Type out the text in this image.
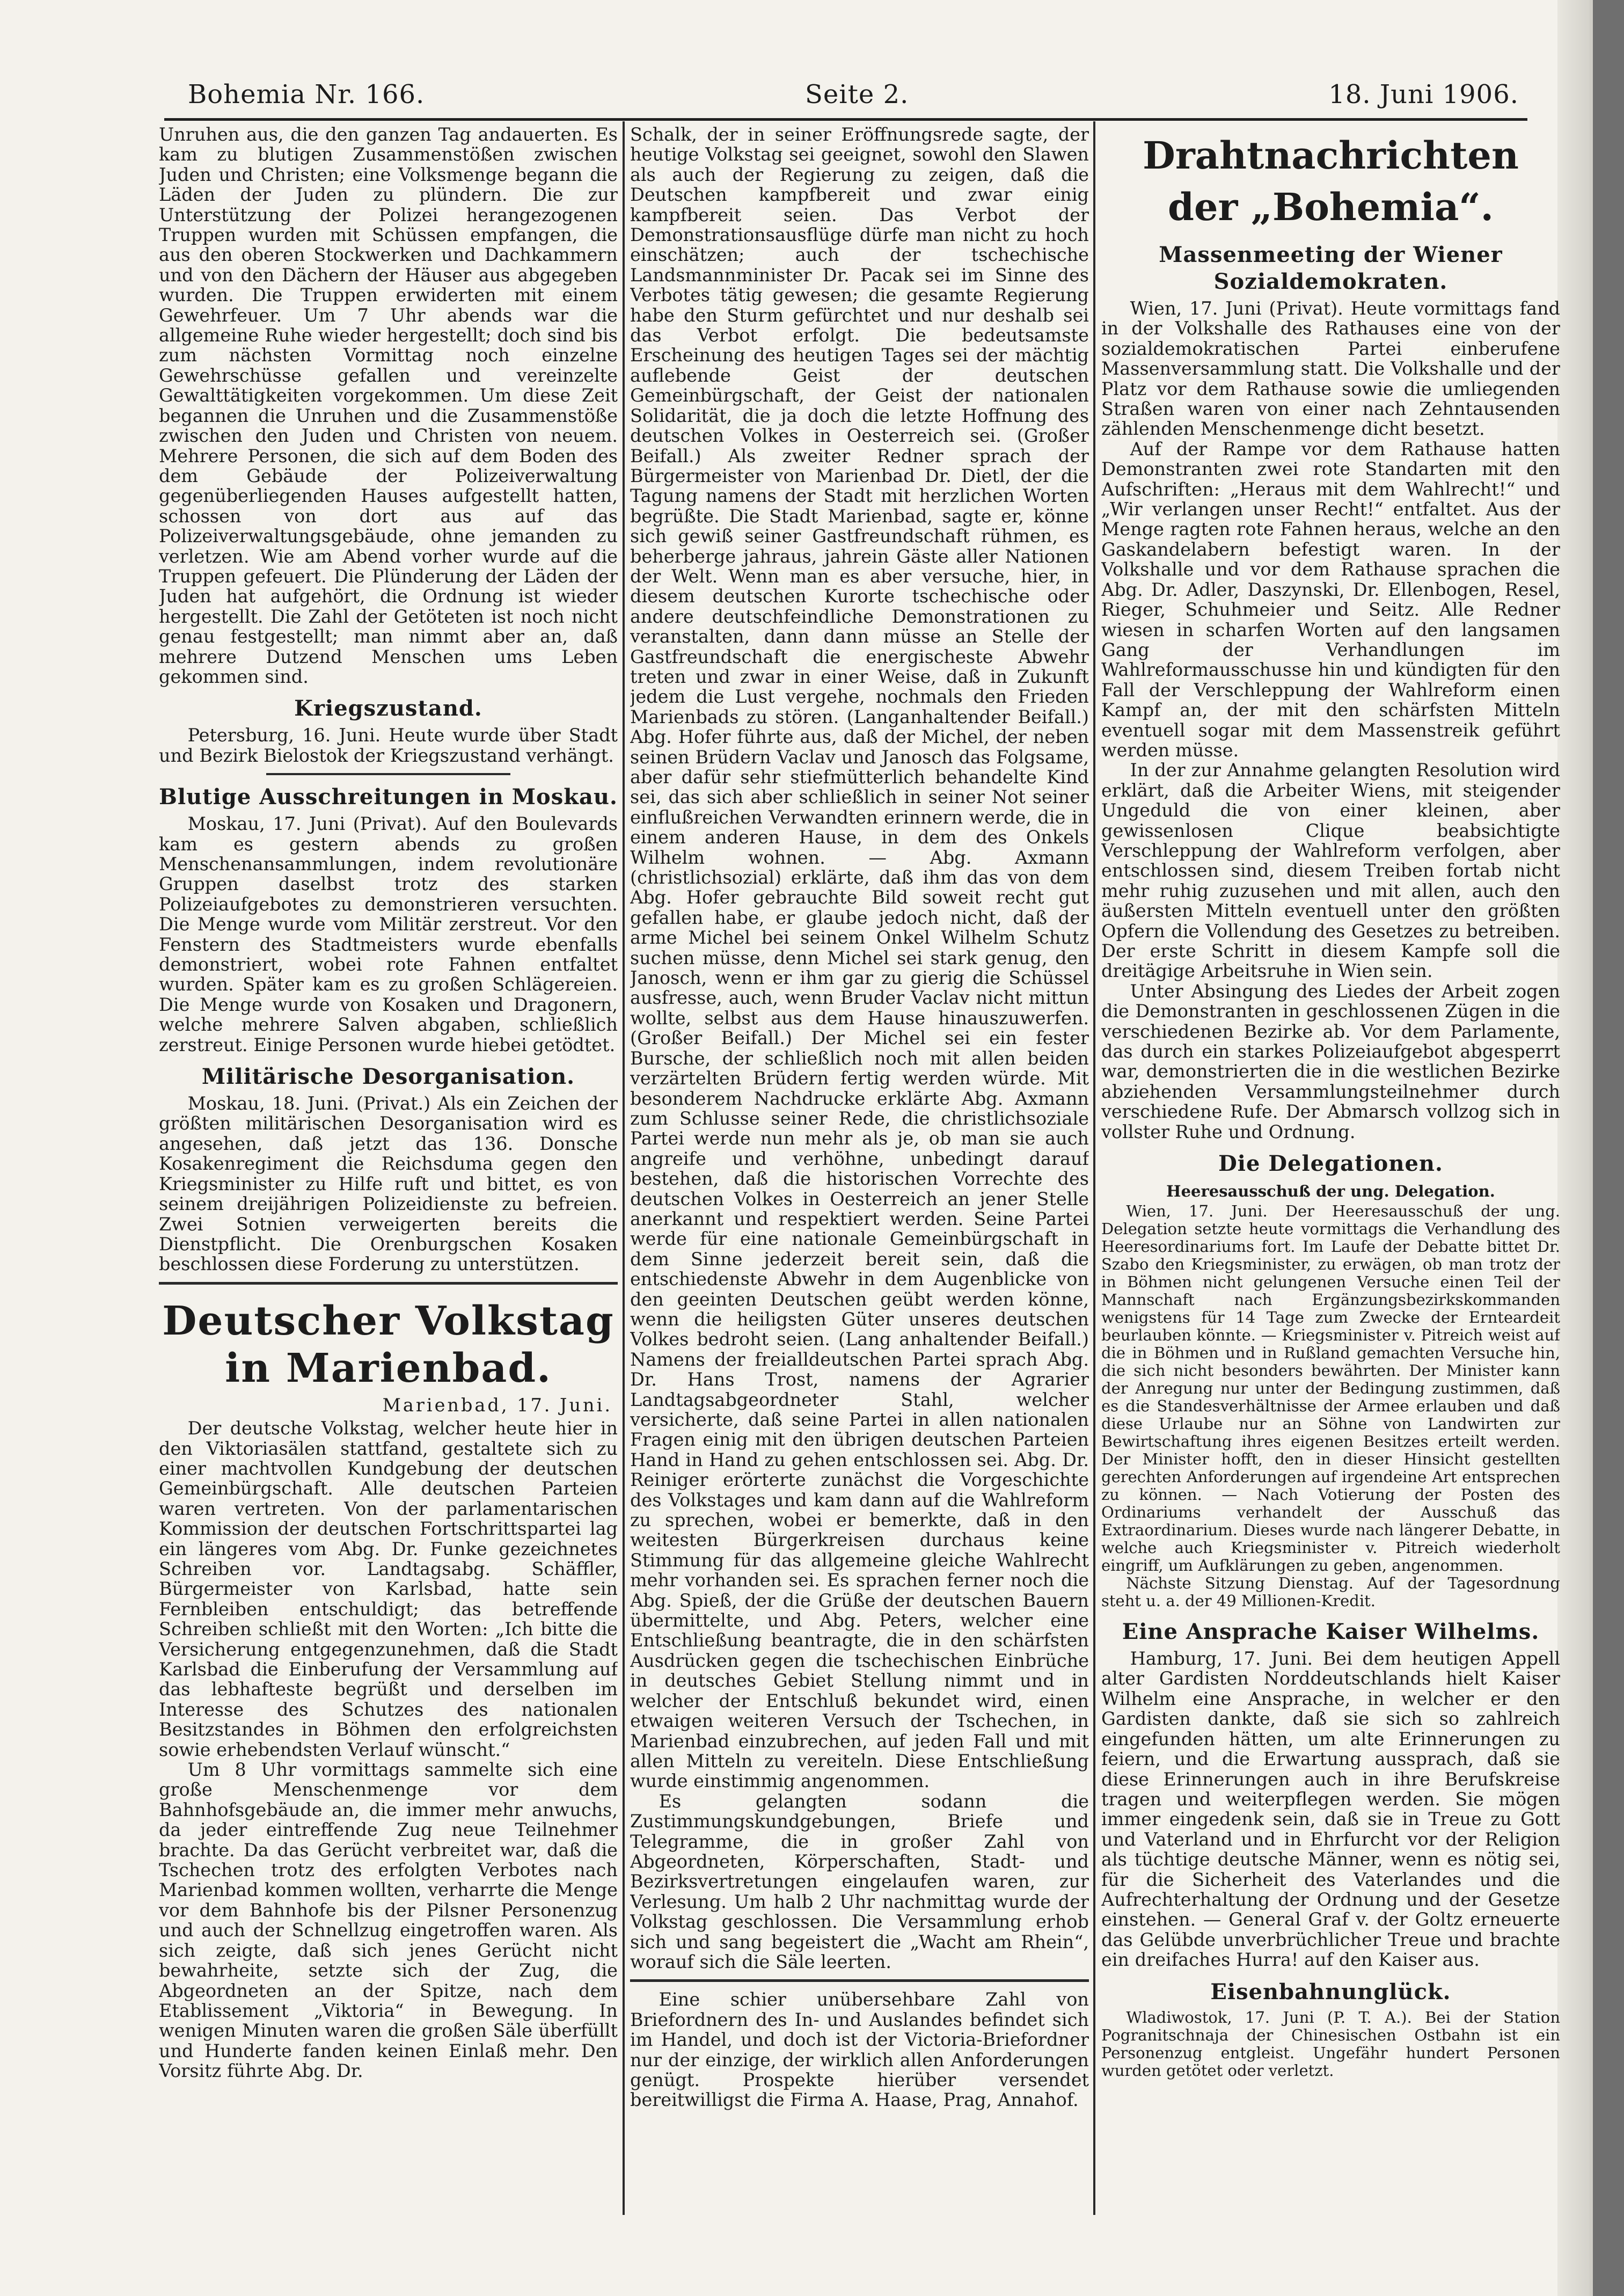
Bohemia Nr. 166.	Seite 2.	18. Juni 1906.

Unruhen aus, die den ganzen Tag andauerten. Es kam zu blutigen Zusammenstößen zwischen Juden und Christen; eine Volksmenge begann die Läden der Juden zu plündern. Die zur Unterstützung der Polizei herangezogenen Truppen wurden mit Schüssen empfangen, die aus den oberen Stockwerken und Dachkammern und von den Dächern der Häuser aus abgegeben wurden. Die Truppen erwiderten mit einem Gewehrfeuer. Um 7 Uhr abends war die allgemeine Ruhe wieder hergestellt; doch sind bis zum nächsten Vormittag noch einzelne Gewehrschüsse gefallen und vereinzelte Gewalttätigkeiten vorgekommen. Um diese Zeit begannen die Unruhen und die Zusammenstöße zwischen den Juden und Christen von neuem. Mehrere Personen, die sich auf dem Boden des dem Gebäude der Polizeiverwaltung gegenüberliegenden Hauses aufgestellt hatten, schossen von dort aus auf das Polizeiverwaltungsgebäude, ohne jemanden zu verletzen. Wie am Abend vorher wurde auf die Truppen gefeuert. Die Plünderung der Läden der Juden hat aufgehört, die Ordnung ist wieder hergestellt. Die Zahl der Getöteten ist noch nicht genau festgestellt; man nimmt aber an, daß mehrere Dutzend Menschen ums Leben gekommen sind.

Kriegszustand.

Petersburg, 16. Juni. Heute wurde über Stadt und Bezirk Bielostok der Kriegszustand verhängt.

Blutige Ausschreitungen in Moskau.

Moskau, 17. Juni (Privat). Auf den Boulevards kam es gestern abends zu großen Menschenansammlungen, indem revolutionäre Gruppen daselbst trotz des starken Polizeiaufgebotes zu demonstrieren versuchten. Die Menge wurde vom Militär zerstreut. Vor den Fenstern des Stadtmeisters wurde ebenfalls demonstriert, wobei rote Fahnen entfaltet wurden. Später kam es zu großen Schlägereien. Die Menge wurde von Kosaken und Dragonern, welche mehrere Salven abgaben, schließlich zerstreut. Einige Personen wurde hiebei getödtet.

Militärische Desorganisation.

Moskau, 18. Juni. (Privat.) Als ein Zeichen der größten militärischen Desorganisation wird es angesehen, daß jetzt das 136. Donsche Kosakenregiment die Reichsduma gegen den Kriegsminister zu Hilfe ruft und bittet, es von seinem dreijährigen Polizeidienste zu befreien. Zwei Sotnien verweigerten bereits die Dienstpflicht. Die Orenburgschen Kosaken beschlossen diese Forderung zu unterstützen.

Deutscher Volkstag in Marienbad.
Marienbad, 17. Juni.

Der deutsche Volkstag, welcher heute hier in den Viktoriasälen stattfand, gestaltete sich zu einer machtvollen Kundgebung der deutschen Gemeinbürgschaft. Alle deutschen Parteien waren vertreten. Von der parlamentarischen Kommission der deutschen Fortschrittspartei lag ein längeres vom Abg. Dr. Funke gezeichnetes Schreiben vor. Landtagsabg. Schäffler, Bürgermeister von Karlsbad, hatte sein Fernbleiben entschuldigt; das betreffende Schreiben schließt mit den Worten: „Ich bitte die Versicherung entgegenzunehmen, daß die Stadt Karlsbad die Einberufung der Versammlung auf das lebhafteste begrüßt und derselben im Interesse des Schutzes des nationalen Besitzstandes in Böhmen den erfolgreichsten sowie erhebendsten Verlauf wünscht.“

Um 8 Uhr vormittags sammelte sich eine große Menschenmenge vor dem Bahnhofsgebäude an, die immer mehr anwuchs, da jeder eintreffende Zug neue Teilnehmer brachte. Da das Gerücht verbreitet war, daß die Tschechen trotz des erfolgten Verbotes nach Marienbad kommen wollten, verharrte die Menge vor dem Bahnhofe bis der Pilsner Personenzug und auch der Schnellzug eingetroffen waren. Als sich zeigte, daß sich jenes Gerücht nicht bewahrheite, setzte sich der Zug, die Abgeordneten an der Spitze, nach dem Etablissement „Viktoria“ in Bewegung. In wenigen Minuten waren die großen Säle überfüllt und Hunderte fanden keinen Einlaß mehr. Den Vorsitz führte Abg. Dr.

Schalk, der in seiner Eröffnungsrede sagte, der heutige Volkstag sei geeignet, sowohl den Slawen als auch der Regierung zu zeigen, daß die Deutschen kampfbereit und zwar einig kampfbereit seien. Das Verbot der Demonstrationsausflüge dürfe man nicht zu hoch einschätzen; auch der tschechische Landsmannminister Dr. Pacak sei im Sinne des Verbotes tätig gewesen; die gesamte Regierung habe den Sturm gefürchtet und nur deshalb sei das Verbot erfolgt. Die bedeutsamste Erscheinung des heutigen Tages sei der mächtig auflebende Geist der deutschen Gemeinbürgschaft, der Geist der nationalen Solidarität, die ja doch die letzte Hoffnung des deutschen Volkes in Oesterreich sei. (Großer Beifall.) Als zweiter Redner sprach der Bürgermeister von Marienbad Dr. Dietl, der die Tagung namens der Stadt mit herzlichen Worten begrüßte. Die Stadt Marienbad, sagte er, könne sich gewiß seiner Gastfreundschaft rühmen, es beherberge jahraus, jahrein Gäste aller Nationen der Welt. Wenn man es aber versuche, hier, in diesem deutschen Kurorte tschechische oder andere deutschfeindliche Demonstrationen zu veranstalten, dann dann müsse an Stelle der Gastfreundschaft die energischeste Abwehr treten und zwar in einer Weise, daß in Zukunft jedem die Lust vergehe, nochmals den Frieden Marienbads zu stören. (Langanhaltender Beifall.) Abg. Hofer führte aus, daß der Michel, der neben seinen Brüdern Vaclav und Janosch das Folgsame, aber dafür sehr stiefmütterlich behandelte Kind sei, das sich aber schließlich in seiner Not seiner einflußreichen Verwandten erinnern werde, die in einem anderen Hause, in dem des Onkels Wilhelm wohnen. — Abg. Axmann (christlichsozial) erklärte, daß ihm das von dem Abg. Hofer gebrauchte Bild soweit recht gut gefallen habe, er glaube jedoch nicht, daß der arme Michel bei seinem Onkel Wilhelm Schutz suchen müsse, denn Michel sei stark genug, den Janosch, wenn er ihm gar zu gierig die Schüssel ausfresse, auch, wenn Bruder Vaclav nicht mittun wollte, selbst aus dem Hause hinauszuwerfen. (Großer Beifall.) Der Michel sei ein fester Bursche, der schließlich noch mit allen beiden verzärtelten Brüdern fertig werden würde. Mit besonderem Nachdrucke erklärte Abg. Axmann zum Schlusse seiner Rede, die christlichsoziale Partei werde nun mehr als je, ob man sie auch angreife und verhöhne, unbedingt darauf bestehen, daß die historischen Vorrechte des deutschen Volkes in Oesterreich an jener Stelle anerkannt und respektiert werden. Seine Partei werde für eine nationale Gemeinbürgschaft in dem Sinne jederzeit bereit sein, daß die entschiedenste Abwehr in dem Augenblicke von den geeinten Deutschen geübt werden könne, wenn die heiligsten Güter unseres deutschen Volkes bedroht seien. (Lang anhaltender Beifall.) Namens der freialldeutschen Partei sprach Abg. Dr. Hans Trost, namens der Agrarier Landtagsabgeordneter Stahl, welcher versicherte, daß seine Partei in allen nationalen Fragen einig mit den übrigen deutschen Parteien Hand in Hand zu gehen entschlossen sei. Abg. Dr. Reiniger erörterte zunächst die Vorgeschichte des Volkstages und kam dann auf die Wahlreform zu sprechen, wobei er bemerkte, daß in den weitesten Bürgerkreisen durchaus keine Stimmung für das allgemeine gleiche Wahlrecht mehr vorhanden sei. Es sprachen ferner noch die Abg. Spieß, der die Grüße der deutschen Bauern übermittelte, und Abg. Peters, welcher eine Entschließung beantragte, die in den schärfsten Ausdrücken gegen die tschechischen Einbrüche in deutsches Gebiet Stellung nimmt und in welcher der Entschluß bekundet wird, einen etwaigen weiteren Versuch der Tschechen, in Marienbad einzubrechen, auf jeden Fall und mit allen Mitteln zu vereiteln. Diese Entschließung wurde einstimmig angenommen.

Es gelangten sodann die Zustimmungskundgebungen, Briefe und Telegramme, die in großer Zahl von Abgeordneten, Körperschaften, Stadt- und Bezirksvertretungen eingelaufen waren, zur Verlesung. Um halb 2 Uhr nachmittag wurde der Volkstag geschlossen. Die Versammlung erhob sich und sang begeistert die „Wacht am Rhein“, worauf sich die Säle leerten.

Eine schier unübersehbare Zahl von Briefordnern des In- und Auslandes befindet sich im Handel, und doch ist der Victoria-Briefordner nur der einzige, der wirklich allen Anforderungen genügt. Prospekte hierüber versendet bereitwilligst die Firma A. Haase, Prag, Annahof.

Drahtnachrichten der „Bohemia“.
Massenmeeting der Wiener Sozialdemokraten.

Wien, 17. Juni (Privat). Heute vormittags fand in der Volkshalle des Rathauses eine von der sozialdemokratischen Partei einberufene Massenversammlung statt. Die Volkshalle und der Platz vor dem Rathause sowie die umliegenden Straßen waren von einer nach Zehntausenden zählenden Menschenmenge dicht besetzt.

Auf der Rampe vor dem Rathause hatten Demonstranten zwei rote Standarten mit den Aufschriften: „Heraus mit dem Wahlrecht!“ und „Wir verlangen unser Recht!“ entfaltet. Aus der Menge ragten rote Fahnen heraus, welche an den Gaskandelabern befestigt waren. In der Volkshalle und vor dem Rathause sprachen die Abg. Dr. Adler, Daszynski, Dr. Ellenbogen, Resel, Rieger, Schuhmeier und Seitz. Alle Redner wiesen in scharfen Worten auf den langsamen Gang der Verhandlungen im Wahlreformausschusse hin und kündigten für den Fall der Verschleppung der Wahlreform einen Kampf an, der mit den schärfsten Mitteln eventuell sogar mit dem Massenstreik geführt werden müsse.

In der zur Annahme gelangten Resolution wird erklärt, daß die Arbeiter Wiens, mit steigender Ungeduld die von einer kleinen, aber gewissenlosen Clique beabsichtigte Verschleppung der Wahlreform verfolgen, aber entschlossen sind, diesem Treiben fortab nicht mehr ruhig zuzusehen und mit allen, auch den äußersten Mitteln eventuell unter den größten Opfern die Vollendung des Gesetzes zu betreiben. Der erste Schritt in diesem Kampfe soll die dreitägige Arbeitsruhe in Wien sein.

Unter Absingung des Liedes der Arbeit zogen die Demonstranten in geschlossenen Zügen in die verschiedenen Bezirke ab. Vor dem Parlamente, das durch ein starkes Polizeiaufgebot abgesperrt war, demonstrierten die in die westlichen Bezirke abziehenden Versammlungsteilnehmer durch verschiedene Rufe. Der Abmarsch vollzog sich in vollster Ruhe und Ordnung.

Die Delegationen.
Heeresausschuß der ung. Delegation.

Wien, 17. Juni. Der Heeresausschuß der ung. Delegation setzte heute vormittags die Verhandlung des Heeresordinariums fort. Im Laufe der Debatte bittet Dr. Szabo den Kriegsminister, zu erwägen, ob man trotz der in Böhmen nicht gelungenen Versuche einen Teil der Mannschaft nach Ergänzungsbezirkskommanden wenigstens für 14 Tage zum Zwecke der Ernteardeit beurlauben könnte. — Kriegsminister v. Pitreich weist auf die in Böhmen und in Rußland gemachten Versuche hin, die sich nicht besonders bewährten. Der Minister kann der Anregung nur unter der Bedingung zustimmen, daß es die Standesverhältnisse der Armee erlauben und daß diese Urlaube nur an Söhne von Landwirten zur Bewirtschaftung ihres eigenen Besitzes erteilt werden. Der Minister hofft, den in dieser Hinsicht gestellten gerechten Anforderungen auf irgendeine Art entsprechen zu können. — Nach Votierung der Posten des Ordinariums verhandelt der Ausschuß das Extraordinarium. Dieses wurde nach längerer Debatte, in welche auch Kriegsminister v. Pitreich wiederholt eingriff, um Aufklärungen zu geben, angenommen.

Nächste Sitzung Dienstag. Auf der Tagesordnung steht u. a. der 49 Millionen-Kredit.

Eine Ansprache Kaiser Wilhelms.

Hamburg, 17. Juni. Bei dem heutigen Appell alter Gardisten Norddeutschlands hielt Kaiser Wilhelm eine Ansprache, in welcher er den Gardisten dankte, daß sie sich so zahlreich eingefunden hätten, um alte Erinnerungen zu feiern, und die Erwartung aussprach, daß sie diese Erinnerungen auch in ihre Berufskreise tragen und weiterpflegen werden. Sie mögen immer eingedenk sein, daß sie in Treue zu Gott und Vaterland und in Ehrfurcht vor der Religion als tüchtige deutsche Männer, wenn es nötig sei, für die Sicherheit des Vaterlandes und die Aufrechterhaltung der Ordnung und der Gesetze einstehen. — General Graf v. der Goltz erneuerte das Gelübde unverbrüchlicher Treue und brachte ein dreifaches Hurra! auf den Kaiser aus.

Eisenbahnunglück.

Wladiwostok, 17. Juni (P. T. A.). Bei der Station Pogranitschnaja der Chinesischen Ostbahn ist ein Personenzug entgleist. Ungefähr hundert Personen wurden getötet oder verletzt.
